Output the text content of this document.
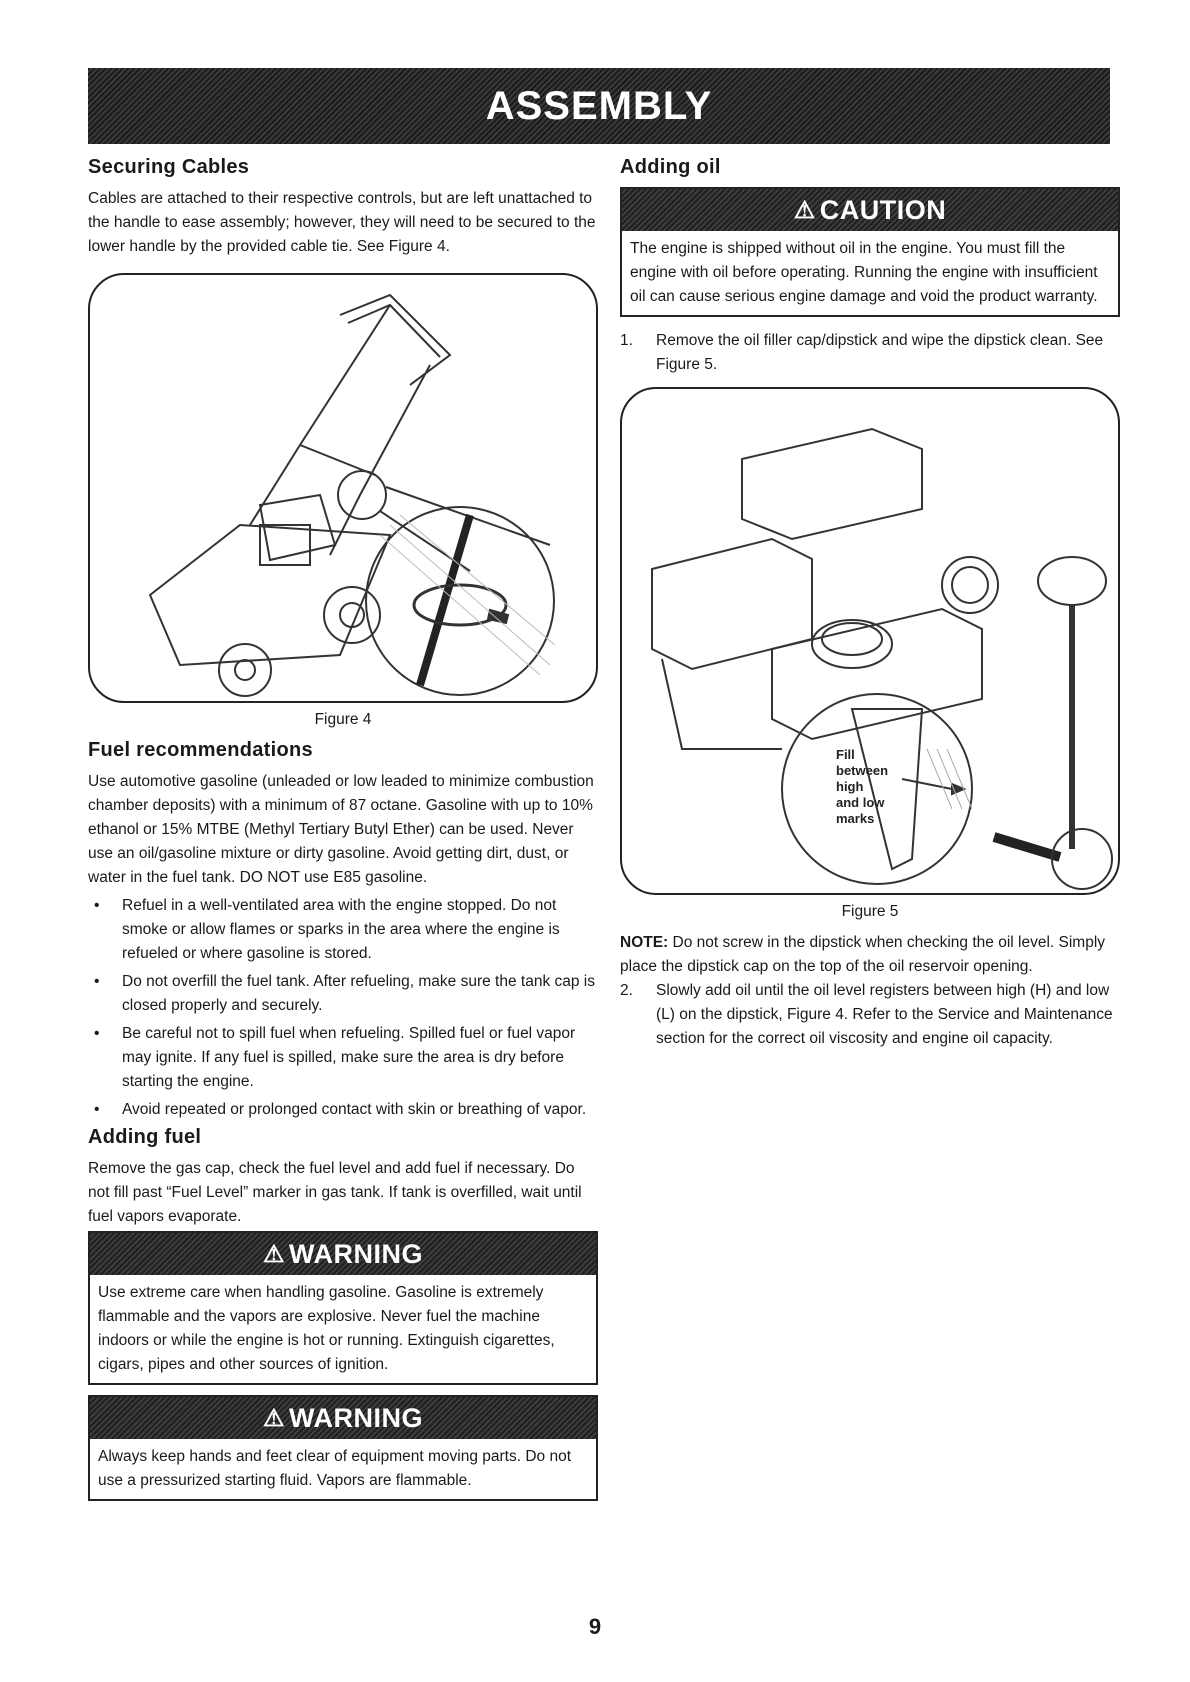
ASSEMBLY
Securing Cables

Cables are attached to their respective controls, but are left unattached to the handle to ease assembly; however, they will need to be secured to the lower handle by the provided cable tie. See Figure 4.

Figure 4
Fuel recommendations

Use automotive gasoline (unleaded or low leaded to minimize combustion chamber deposits) with a minimum of 87 octane. Gasoline with up to 10% ethanol or 15% MTBE (Methyl Tertiary Butyl Ether) can be used. Never use an oil/gasoline mixture or dirty gasoline. Avoid getting dirt, dust, or water in the fuel tank. DO NOT use E85 gasoline.

• Refuel in a well-ventilated area with the engine stopped. Do not smoke or allow flames or sparks in the area where the engine is refueled or where gasoline is stored.
• Do not overfill the fuel tank. After refueling, make sure the tank cap is closed properly and securely.
• Be careful not to spill fuel when refueling. Spilled fuel or fuel vapor may ignite. If any fuel is spilled, make sure the area is dry before starting the engine.
• Avoid repeated or prolonged contact with skin or breathing of vapor.
Adding fuel

Remove the gas cap, check the fuel level and add fuel if necessary. Do not fill past “Fuel Level” marker in gas tank. If tank is overfilled, wait until fuel vapors evaporate.

⚠ WARNING
Use extreme care when handling gasoline. Gasoline is extremely flammable and the vapors are explosive. Never fuel the machine indoors or while the engine is hot or running. Extinguish cigarettes, cigars, pipes and other sources of ignition.
⚠ WARNING
Always keep hands and feet clear of equipment moving parts. Do not use a pressurized starting fluid. Vapors are flammable.
Adding oil
⚠ CAUTION
The engine is shipped without oil in the engine. You must fill the engine with oil before operating. Running the engine with insufficient oil can cause serious engine damage and void the product warranty.
1. Remove the oil filler cap/dipstick and wipe the dipstick clean. See Figure 5.
Fill
between
high
and low
marks
Figure 5

NOTE: Do not screw in the dipstick when checking the oil level. Simply place the dipstick cap on the top of the oil reservoir opening.

2. Slowly add oil until the oil level registers between high (H) and low (L) on the dipstick, Figure 4. Refer to the Service and Maintenance section for the correct oil viscosity and engine oil capacity.
9
